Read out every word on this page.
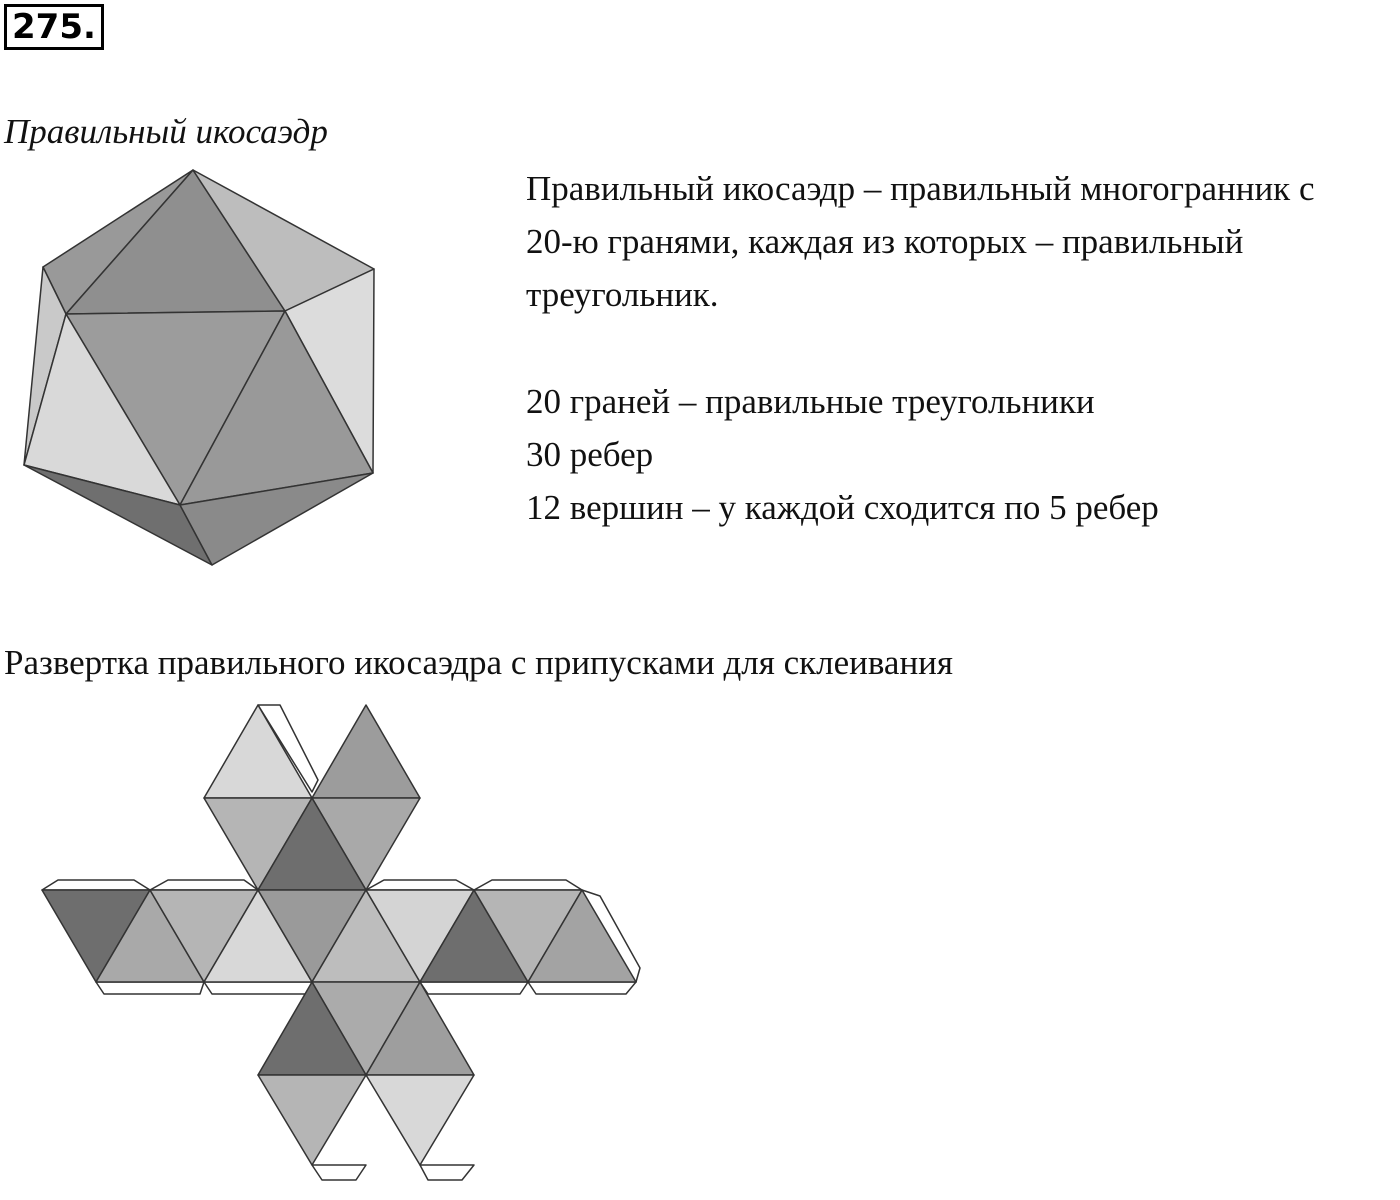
275.
Правильный икосаэдр

Правильный икосаэдр – правильный многогранник с

20-ю гранями, каждая из которых – правильный

треугольник.

20 граней – правильные треугольники

30 ребер

12 вершин – у каждой сходится по 5 ребер

Развертка правильного икосаэдра с припусками для склеивания
